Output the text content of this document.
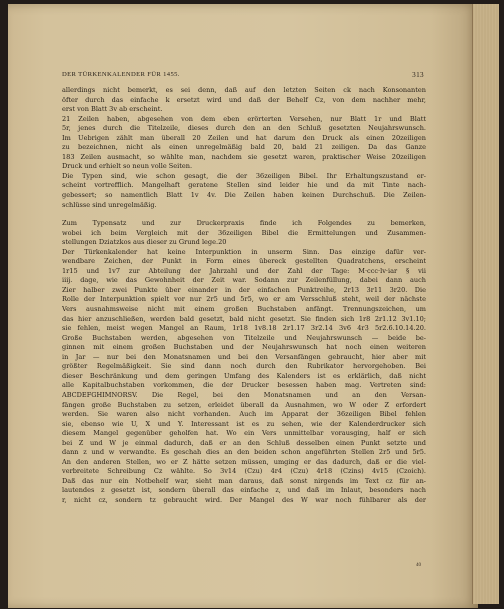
DER TÜRKENKALENDER FÜR 1455.	313
allerdings nicht bemerkt, es sei denn, daß auf den letzten Seiten ck nach Konsonanten
öfter durch das einfache k ersetzt wird und daß der Behelf Cz, von dem nachher mehr,
erst von Blatt 3v ab erscheint.
21 Zeilen haben, abgesehen von dem eben erörterten Versehen, nur Blatt 1r und Blatt
5r, jenes durch die Titelzeile, dieses durch den an den Schluß gesetzten Neujahrswunsch.
Im Uebrigen zählt man überall 20 Zeilen und hat darum den Druck als einen 20zeiligen
zu bezeichnen, nicht als einen unregelmäßig bald 20, bald 21 zeiligen. Da das Ganze
183 Zeilen ausmacht, so wählte man, nachdem sie gesetzt waren, praktischer Weise 20zeiligen
Druck und erhielt so neun volle Seiten.
Die Typen sind, wie schon gesagt, die der 36zeiligen Bibel. Ihr Erhaltungszustand er-
scheint vortrefflich. Mangelhaft geratene Stellen sind leider hie und da mit Tinte nach-
gebessert; so namentlich Blatt 1v 4v. Die Zeilen haben keinen Durchschuß. Die Zeilen-
schlüsse sind unregelmäßig.
Zum Typensatz und zur Druckerpraxis finde ich Folgendes zu bemerken,
wobei ich beim Vergleich mit der 36zeiligen Bibel die Ermittelungen und Zusammen-
stellungen Dziatzkos aus dieser zu Grund lege.20
Der Türkenkalender hat keine Interpunktion in unserm Sinn. Das einzige dafür ver-
wendbare Zeichen, der Punkt in Form eines übereck gestellten Quadratchens, erscheint
1r15 und 1v7 zur Abteilung der Jahrzahl und der Zahl der Tage: M·ccc·lv·iar § vii
iiij. dage, wie das Gewohnheit der Zeit war. Sodann zur Zeilenfüllung, dabei dann auch
Zier halber zwei Punkte über einander in der einfachen Punktreihe, 2r13 3r11 3r20. Die
Rolle der Interpunktion spielt vor nur 2r5 und 5r5, wo er am Versschluß steht, weil der nächste
Vers ausnahmsweise nicht mit einem großen Buchstaben anfängt. Trennungszeichen, um
das hier anzuschließen, werden bald gesetzt, bald nicht gesetzt. Sie finden sich 1r8 2r1.12 3v1.10;
sie fehlen, meist wegen Mangel an Raum, 1r18 1v8.18 2r1.17 3r2.14 3v6 4r3 5r2.6.10.14.20.
Große Buchstaben werden, abgesehen von Titelzeile und Neujahrswunsch — beide be-
ginnen mit einem großen Buchstaben und der Neujahrswunsch hat noch einen weiteren
in Jar — nur bei den Monatsnamen und bei den Versanfängen gebraucht, hier aber mit
größter Regelmäßigkeit. Sie sind dann noch durch den Rubrikator hervorgehoben. Bei
dieser Beschränkung und dem geringen Umfang des Kalenders ist es erklärlich, daß nicht
alle Kapitalbuchstaben vorkommen, die der Drucker besessen haben mag. Vertreten sind:
ABCDEFGHIMNORSV. Die Regel, bei den Monatsnamen und an den Versan-
fängen große Buchstaben zu setzen, erleidet überall da Ausnahmen, wo W oder Z erfordert
werden. Sie waren also nicht vorhanden. Auch im Apparat der 36zeiligen Bibel fehlen
sie, ebenso wie U, X und Y. Interessant ist es zu sehen, wie der Kalenderdrucker sich
diesem Mangel gegenüber geholfen hat. Wo ein Vers unmittelbar vorausging, half er sich
bei Z und W je einmal dadurch, daß er an den Schluß desselben einen Punkt setzte und
dann z und w verwandte. Es geschah dies an den beiden schon angeführten Stellen 2r5 und 5r5.
An den anderen Stellen, wo er Z hätte setzen müssen, umging er das dadurch, daß er die viel-
verbreitete Schreibung Cz wählte. So 3v14 (Czu) 4r4 (Czu) 4r18 (Czins) 4v15 (Czoich).
Daß das nur ein Notbehelf war, sieht man daraus, daß sonst nirgends im Text cz für an-
lautendes z gesetzt ist, sondern überall das einfache z, und daß im Inlaut, besonders nach
r, nicht cz, sondern tz gebraucht wird. Der Mangel des W war noch fühlbarer als der
40
